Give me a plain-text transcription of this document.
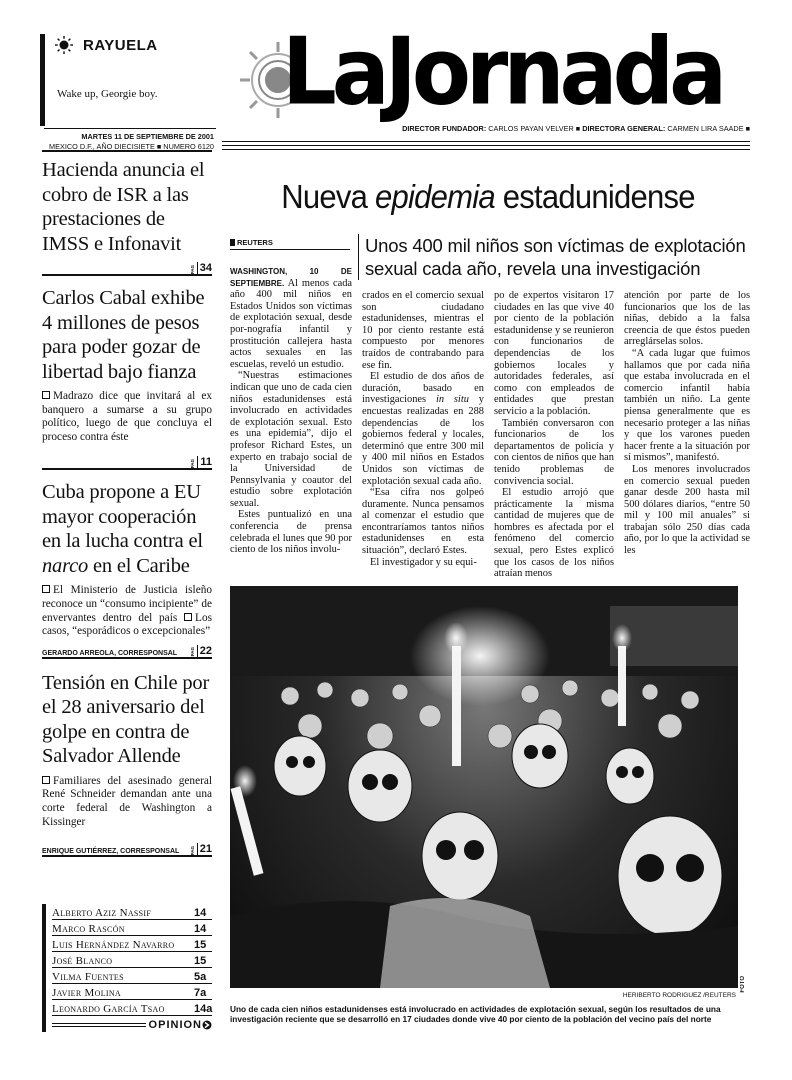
RAYUELA
Wake up, Georgie boy.
MARTES 11 DE SEPTIEMBRE DE 2001
MEXICO D.F., AÑO DIECISIETE ■ NUMERO 6120
LaJornada
DIRECTOR FUNDADOR: CARLOS PAYAN VELVER ■ DIRECTORA GENERAL: CARMEN LIRA SAADE ■
Hacienda anuncia el cobro de ISR a las prestaciones de IMSS e Infonavit
PAG 34
Carlos Cabal exhibe 4 millones de pesos para poder gozar de libertad bajo fianza
Madrazo dice que invitará al ex banquero a sumarse a su grupo político, luego de que concluya el proceso contra éste
PAG 11
Cuba propone a EU mayor cooperación en la lucha contra el narco en el Caribe
El Ministerio de Justicia isleño reconoce un “consumo incipiente” de envervantes dentro del país Los casos, “esporádicos o excepcionales”
GERARDO ARREOLA, CORRESPONSAL	PAG 22
Tensión en Chile por el 28 aniversario del golpe en contra de Salvador Allende
Familiares del asesinado general René Schneider demandan ante una corte federal de Washington a Kissinger
ENRIQUE GUTIÉRREZ, CORRESPONSAL PAG 21
Alberto Aziz Nassif	14
Marco Rascón	14
Luis Hernández Navarro 15
José Blanco	15
Vilma Fuentes	5a
Javier Molina	7a
Leonardo García Tsao	14a
OPINION
Nueva epidemia estadunidense
REUTERS	Unos 400 mil niños son víctimas de explotación sexual cada año, revela una investigación

WASHINGTON, 10 DE SEPTIEMBRE. Al menos cada año 400 mil niños en Estados Unidos son víctimas de explotación sexual, desde por-nografía infantil y prostitución callejera hasta actos sexuales en las escuelas, reveló un estudio.

“Nuestras estimaciones indican que uno de cada cien niños estadunidenses está involucrado en actividades de explotación sexual. Esto es una epidemia”, dijo el profesor Richard Estes, un experto en trabajo social de la Universidad de Pennsylvania y coautor del estudio sobre explotación sexual.

Estes puntualizó en una conferencia de prensa celebrada el lunes que 90 por ciento de los niños involu-

crados en el comercio sexual son ciudadano estadunidenses, mientras el 10 por ciento restante está compuesto por menores traídos de contrabando para ese fin.

El estudio de dos años de duración, basado en investigaciones in situ y encuestas realizadas en 288 dependencias de los gobiernos federal y locales, determinó que entre 300 mil y 400 mil niños en Estados Unidos son víctimas de explotación sexual cada año.

“Esa cifra nos golpeó duramente. Nunca pensamos al comenzar el estudio que encontraríamos tantos niños estadunidenses en esta situación”, declaró Estes.

El investigador y su equi-

po de expertos visitaron 17 ciudades en las que vive 40 por ciento de la población estadunidense y se reunieron con funcionarios de dependencias de los gobiernos locales y autoridades federales, así como con empleados de entidades que prestan servicio a la población.

También conversaron con funcionarios de los departamentos de policía y con cientos de niños que han tenido problemas de convivencia social.

El estudio arrojó que prácticamente la misma cantidad de mujeres que de hombres es afectada por el fenómeno del comercio sexual, pero Estes explicó que los casos de los niños atraían menos

atención por parte de los funcionarios que los de las niñas, debido a la falsa creencia de que éstos pueden arreglárselas solos.

“A cada lugar que fuimos hallamos que por cada niña que estaba involucrada en el comercio infantil había también un niño. La gente piensa generalmente que es necesario proteger a las niñas y que los varones pueden hacer frente a la situación por sí mismos”, manifestó.

Los menores involucrados en comercio sexual pueden ganar desde 200 hasta mil 500 dólares diarios, “entre 50 mil y 100 mil anuales” si trabajan sólo 250 días cada año, por lo que la actividad se les

FOTO
HERIBERTO RODRIGUEZ /REUTERS
Uno de cada cien niños estadunidenses está involucrado en actividades de explotación sexual, según los resultados de una investigación reciente que se desarrolló en 17 ciudades donde vive 40 por ciento de la población del vecino país del norte
